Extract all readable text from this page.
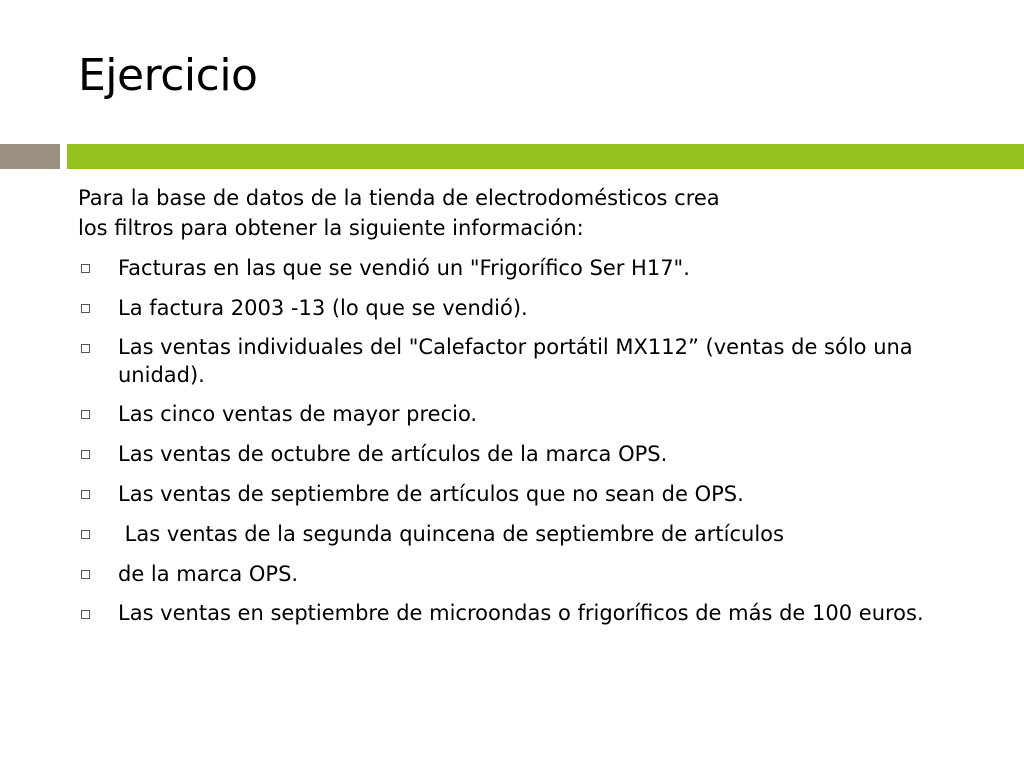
Ejercicio

Para la base de datos de la tienda de electrodomésticos crea
los filtros para obtener la siguiente información:

Facturas en las que se vendió un "Frigorífico Ser H17".
La factura 2003 -13 (lo que se vendió).
Las ventas individuales del "Calefactor portátil MX112” (ventas de sólo una unidad).
Las cinco ventas de mayor precio.
Las ventas de octubre de artículos de la marca OPS.
Las ventas de septiembre de artículos que no sean de OPS.
Las ventas de la segunda quincena de septiembre de artículos
de la marca OPS.
Las ventas en septiembre de microondas o frigoríficos de más de 100 euros.
